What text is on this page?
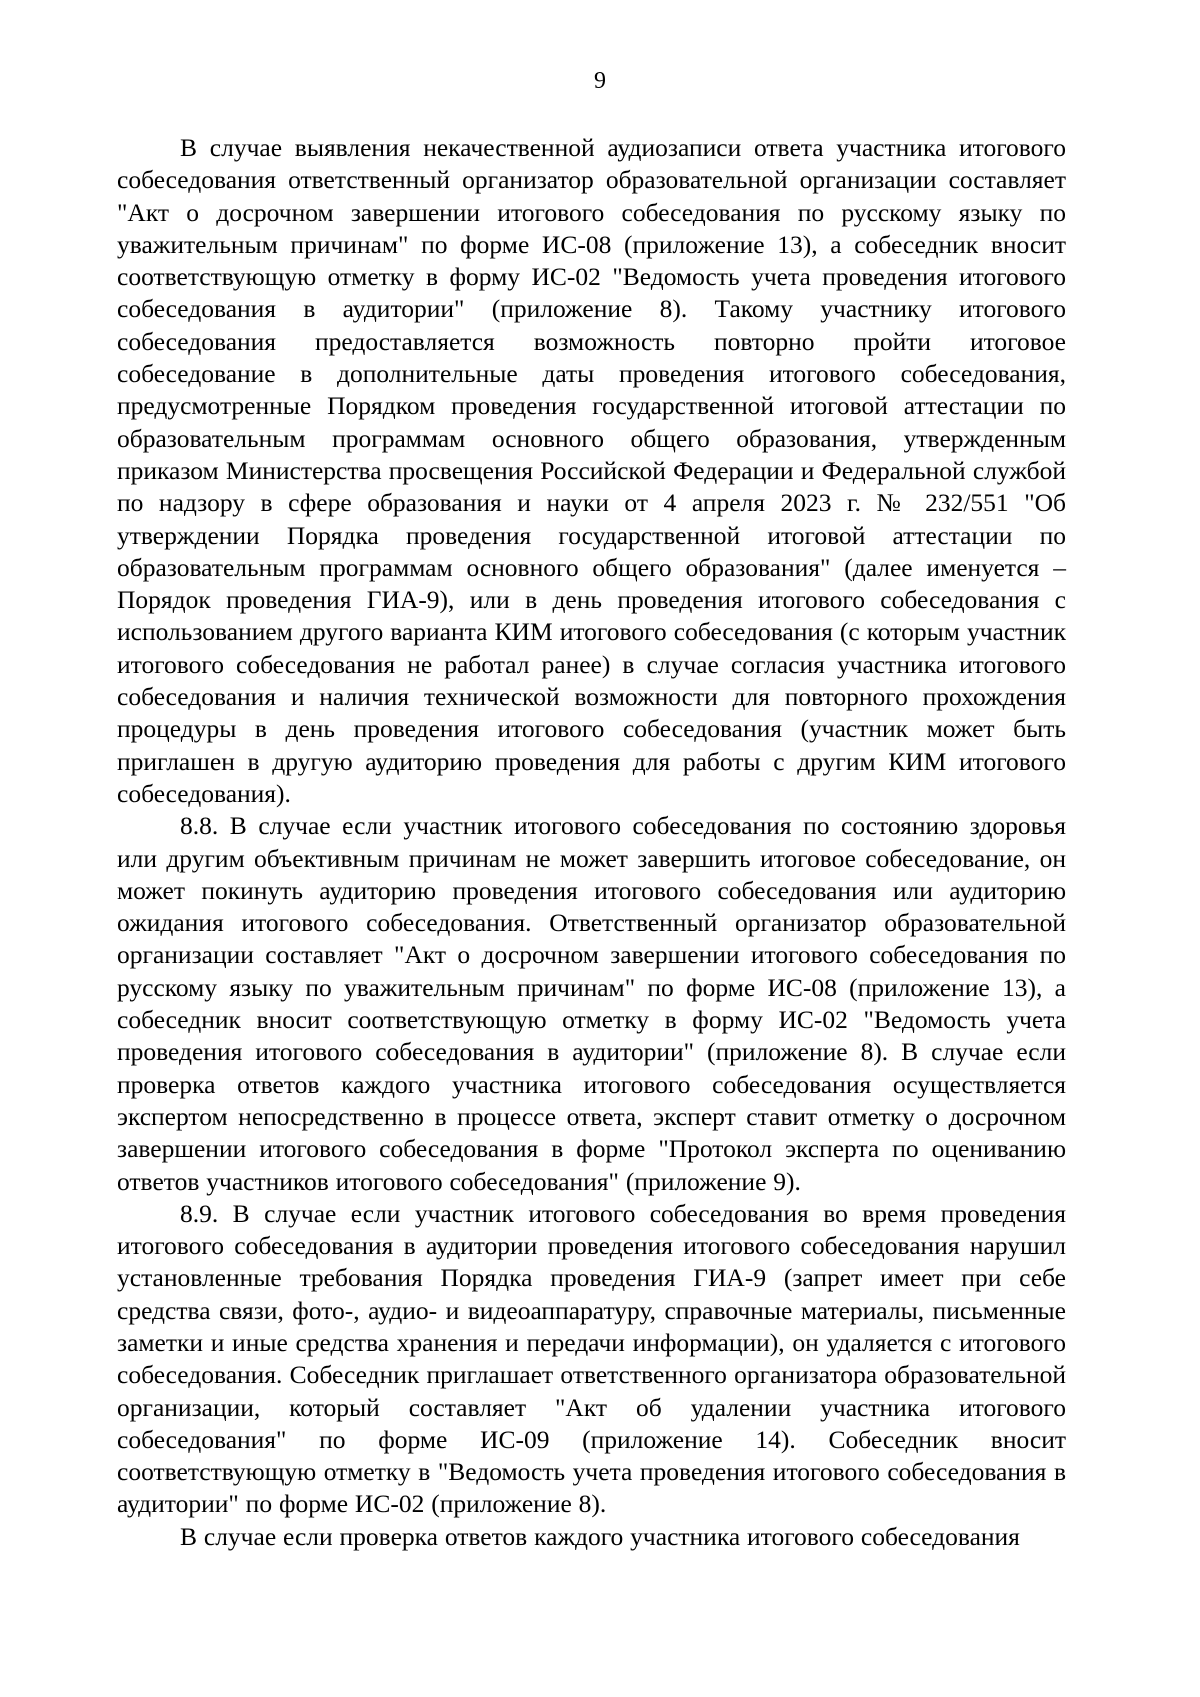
9

В случае выявления некачественной аудиозаписи ответа участника итогового собеседования ответственный организатор образовательной организации составляет "Акт о досрочном завершении итогового собеседования по русскому языку по уважительным причинам" по форме ИС-08 (приложение 13), а собеседник вносит соответствующую отметку в форму ИС-02 "Ведомость учета проведения итогового собеседования в аудитории" (приложение 8). Такому участнику итогового собеседования предоставляется возможность повторно пройти итоговое собеседование в дополнительные даты проведения итогового собеседования, предусмотренные Порядком проведения государственной итоговой аттестации по образовательным программам основного общего образования, утвержденным приказом Министерства просвещения Российской Федерации и Федеральной службой по надзору в сфере образования и науки от 4 апреля 2023 г. № 232/551 "Об утверждении Порядка проведения государственной итоговой аттестации по образовательным программам основного общего образования" (далее именуется – Порядок проведения ГИА-9), или в день проведения итогового собеседования с использованием другого варианта КИМ итогового собеседования (с которым участник итогового собеседования не работал ранее) в случае согласия участника итогового собеседования и наличия технической возможности для повторного прохождения процедуры в день проведения итогового собеседования (участник может быть приглашен в другую аудиторию проведения для работы с другим КИМ итогового собеседования).

8.8. В случае если участник итогового собеседования по состоянию здоровья или другим объективным причинам не может завершить итоговое собеседование, он может покинуть аудиторию проведения итогового собеседования или аудиторию ожидания итогового собеседования. Ответственный организатор образовательной организации составляет "Акт о досрочном завершении итогового собеседования по русскому языку по уважительным причинам" по форме ИС-08 (приложение 13), а собеседник вносит соответствующую отметку в форму ИС-02 "Ведомость учета проведения итогового собеседования в аудитории" (приложение 8). В случае если проверка ответов каждого участника итогового собеседования осуществляется экспертом непосредственно в процессе ответа, эксперт ставит отметку о досрочном завершении итогового собеседования в форме "Протокол эксперта по оцениванию ответов участников итогового собеседования" (приложение 9).

8.9. В случае если участник итогового собеседования во время проведения итогового собеседования в аудитории проведения итогового собеседования нарушил установленные требования Порядка проведения ГИА-9 (запрет имеет при себе средства связи, фото-, аудио- и видеоаппаратуру, справочные материалы, письменные заметки и иные средства хранения и передачи информации), он удаляется с итогового собеседования. Собеседник приглашает ответственного организатора образовательной организации, который составляет "Акт об удалении участника итогового собеседования" по форме ИС-09 (приложение 14). Собеседник вносит соответствующую отметку в "Ведомость учета проведения итогового собеседования в аудитории" по форме ИС-02 (приложение 8).

В случае если проверка ответов каждого участника итогового собеседования
